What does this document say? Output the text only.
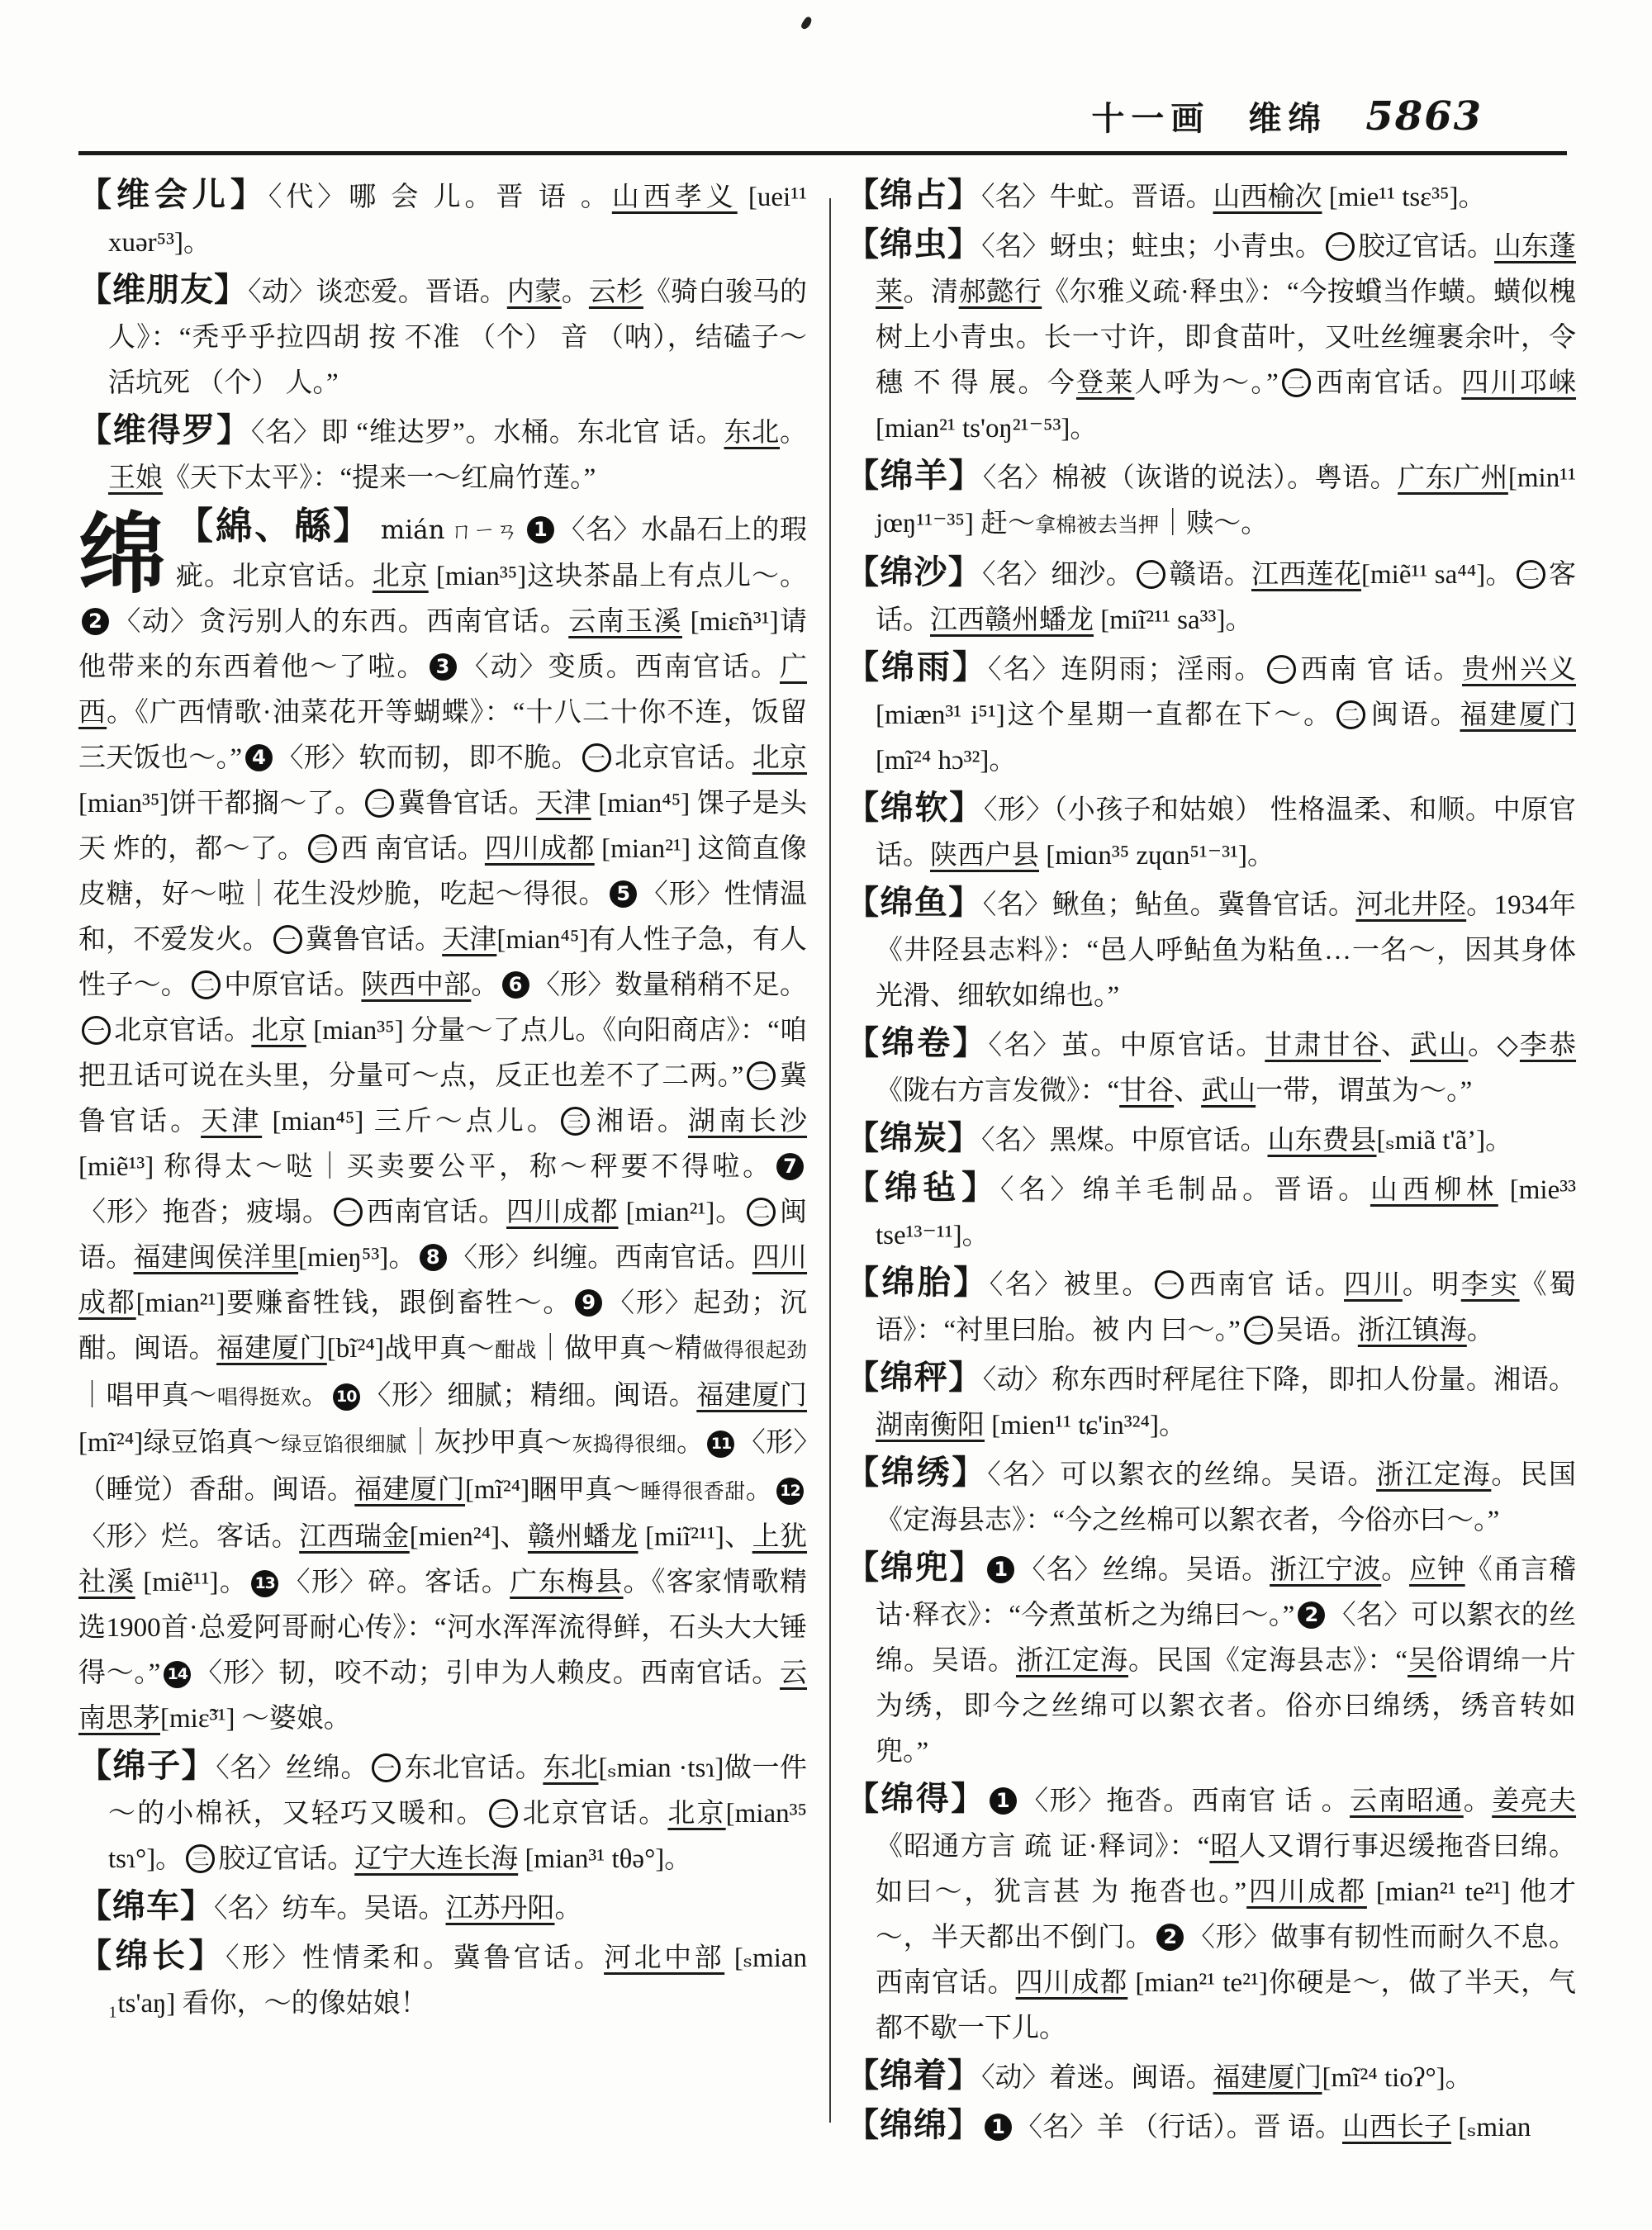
十一画 维绵 5863

【维会儿】〈代〉哪 会 儿。晋 语 。山西孝义 [uei¹¹ xuər⁵³]。

【维朋友】〈动〉谈恋爱。晋语。内蒙。云杉《骑白骏马的人》：“秃乎乎拉四胡 按 不准 （个） 音 （呐），结磕子～活坑死 （个） 人。”

【维得罗】〈名〉即 “维达罗”。水桶。东北官 话。东北。王娘《天下太平》：“提来一～红扁竹莲。”

绵 【綿、緜】 mián ㄇㄧㄢ 1 〈名〉水晶石上的瑕疵。北京官话。北京 [mian³⁵]这块茶晶上有点儿～。2 〈动〉贪污别人的东西。西南官话。云南玉溪 [miɛ̃n³¹]请他带来的东西着他～了啦。 3 〈动〉变质。西南官话。广西。《广西情歌·油菜花开等蝴蝶》：“十八二十你不连，饭留三天饭也～。” 4 〈形〉软而韧，即不脆。 一 北京官话。北京 [mian³⁵]饼干都搁～了。 二 冀鲁官话。天津 [mian⁴⁵] 馃子是头天 炸的，都～了。 三 西 南官话。四川成都 [mian²¹] 这简直像皮糖，好～啦｜花生没炒脆，吃起～得很。 5 〈形〉性情温和，不爱发火。 一 冀鲁官话。天津[mian⁴⁵]有人性子急，有人性子～。 二 中原官话。陕西中部。 6 〈形〉数量稍稍不足。一 北京官话。北京 [mian³⁵] 分量～了点儿。《向阳商店》：“咱把丑话可说在头里，分量可～点，反正也差不了二两。” 二 冀鲁官话。天津 [mian⁴⁵] 三斤～点儿。 三 湘语。湖南长沙[miẽ¹³] 称得太～哒｜买卖要公平，称～秤要不得啦。 7〈形〉拖沓；疲塌。 一 西南官话。四川成都 [mian²¹]。 二 闽语。福建闽侯洋里[mieŋ⁵³]。 8 〈形〉纠缠。西南官话。四川成都[mian²¹]要赚畜牲钱，跟倒畜牲～。 9 〈形〉起劲；沉酣。闽语。福建厦门[bĩ²⁴]战甲真～酣战｜做甲真～精做得很起劲｜唱甲真～唱得挺欢。 10 〈形〉细腻；精细。闽语。福建厦门[mĩ²⁴]绿豆馅真～绿豆馅很细腻｜灰抄甲真～灰捣得很细。 11 〈形〉（睡觉）香甜。闽语。福建厦门[mĩ²⁴]睏甲真～睡得很香甜。 12〈形〉烂。客话。江西瑞金[mien²⁴]、赣州蟠龙 [miĩ²¹¹]、上犹社溪 [miẽ¹¹]。 13 〈形〉碎。客话。广东梅县。《客家情歌精选1900首·总爱阿哥耐心传》：“河水浑浑流得鲜，石头大大锤得～。” 14 〈形〉韧，咬不动；引申为人赖皮。西南官话。云南思茅[miɛ̃³¹] ～婆娘。

【绵子】〈名〉丝绵。 一 东北官话。东北[ₛmian ·tsɿ]做一件～的小棉袄，又轻巧又暖和。 二 北京官话。北京[mian³⁵ tsɿ°]。 三 胶辽官话。辽宁大连长海 [mian³¹ tθə°]。

【绵车】〈名〉纺车。吴语。江苏丹阳。

【绵长】〈形〉性情柔和。冀鲁官话。河北中部 [ₛmian ₁ts'aŋ] 看你，～的像姑娘！

【绵占】〈名〉牛虻。晋语。山西榆次 [mie¹¹ tsɛ³⁵]。

【绵虫】〈名〉蚜虫；蛀虫；小青虫。 一 胶辽官话。山东蓬莱。清郝懿行《尔雅义疏·释虫》：“今按蟘当作蟥。蟥似槐树上小青虫。长一寸许，即食苗叶，又吐丝缠裹余叶，令 穗 不 得 展。今登莱人呼为～。” 二 西南官话。四川邛崃[mian²¹ ts'oŋ²¹⁻⁵³]。

【绵羊】〈名〉棉被（诙谐的说法）。粤语。广东广州[min¹¹ jœŋ¹¹⁻³⁵] 赶～拿棉被去当押｜赎～。

【绵沙】〈名〉细沙。 一 赣语。江西莲花[miẽ¹¹ sa⁴⁴]。 二 客话。江西赣州蟠龙 [miĩ²¹¹ sa³³]。

【绵雨】〈名〉连阴雨；淫雨。 一 西南 官 话。贵州兴义 [miæn³¹ i⁵¹]这个星期一直都在下～。 二 闽语。福建厦门[mĩ²⁴ hɔ³²]。

【绵软】〈形〉（小孩子和姑娘） 性格温柔、和顺。中原官话。陕西户县 [miɑn³⁵ zɥɑn⁵¹⁻³¹]。

【绵鱼】〈名〉鳅鱼；鲇鱼。冀鲁官话。河北井陉。1934年《井陉县志料》：“邑人呼鲇鱼为粘鱼…一名～，因其身体光滑、细软如绵也。”

【绵卷】〈名〉茧。中原官话。甘肃甘谷、武山。◇李恭《陇右方言发微》：“甘谷、武山一带，谓茧为～。”

【绵炭】〈名〉黑煤。中原官话。山东费县[ₛmiã t'ã’]。

【绵毡】〈名〉绵羊毛制品。晋语。山西柳林 [mie³³ tse¹³⁻¹¹]。

【绵胎】〈名〉被里。 一 西南官 话。四川。明李实《蜀语》：“衬里曰胎。被 内 曰～。” 二 吴语。浙江镇海。

【绵秤】〈动〉称东西时秤尾往下降，即扣人份量。湘语。湖南衡阳 [mien¹¹ tɕ'in³²⁴]。

【绵绣】〈名〉可以絮衣的丝绵。吴语。浙江定海。民国《定海县志》：“今之丝棉可以絮衣者，今俗亦曰～。”

【绵兜】 1 〈名〉丝绵。吴语。浙江宁波。应钟《甬言稽诂·释衣》：“今煮茧析之为绵曰～。” 2 〈名〉可以絮衣的丝绵。吴语。浙江定海。民国《定海县志》：“吴俗谓绵一片为绣，即今之丝绵可以絮衣者。俗亦曰绵绣，绣音转如兜。”

【绵得】 1 〈形〉拖沓。西南官 话 。云南昭通。姜亮夫《昭通方言 疏 证·释词》：“昭人又谓行事迟缓拖沓曰绵。如曰～，犹言甚 为 拖沓也。”四川成都 [mian²¹ te²¹] 他才～，半天都出不倒门。 2 〈形〉做事有韧性而耐久不息。西南官话。四川成都 [mian²¹ te²¹]你硬是～，做了半天，气都不歇一下儿。

【绵着】〈动〉着迷。闽语。福建厦门[mĩ²⁴ tioʔ°]。

【绵绵】 1 〈名〉羊 （行话）。晋 语。山西长子 [ₛmian
